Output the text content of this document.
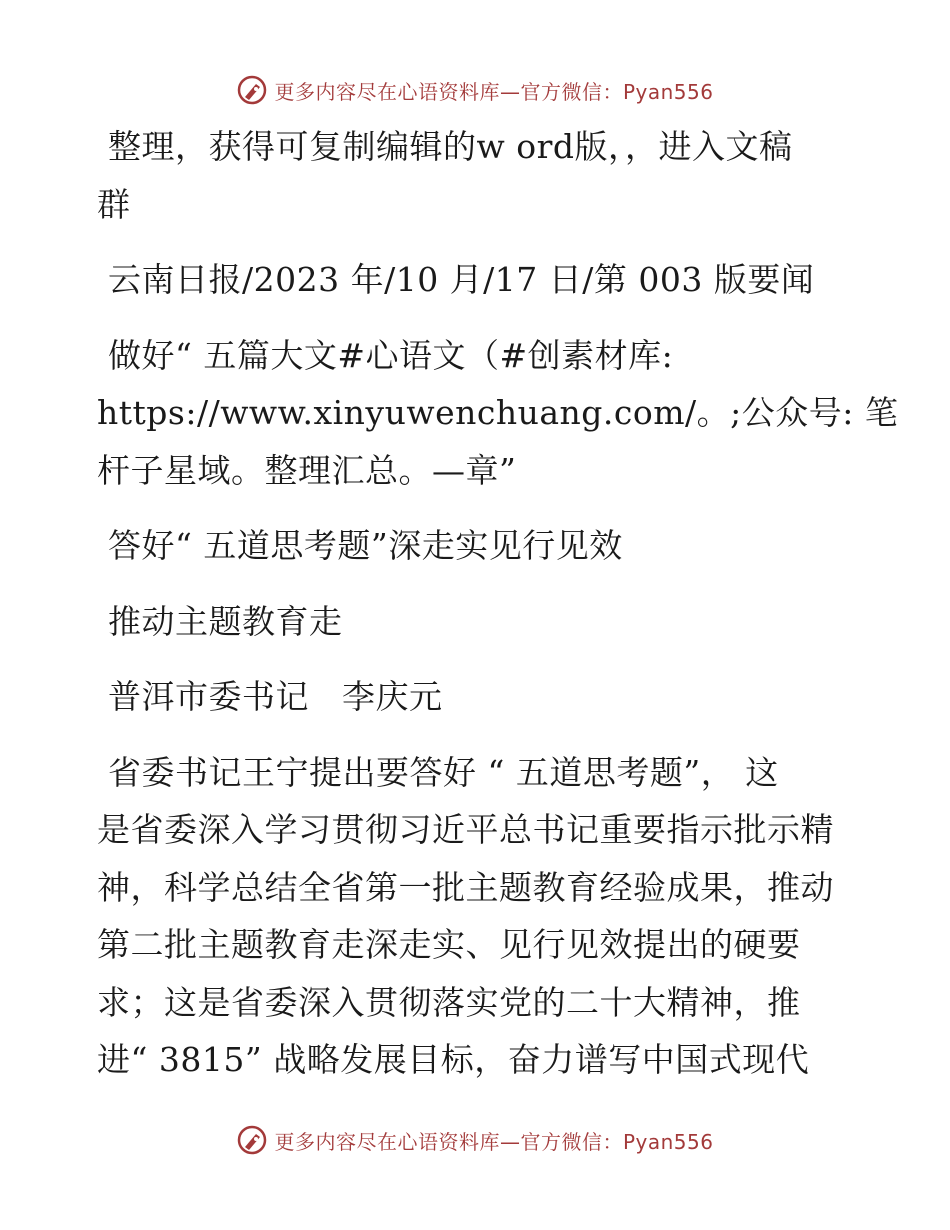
更多内容尽在心语资料库—官方微信：Pyan556
整理，获得可复制编辑的w ord版，，进入文稿
群
云南日报/2023 年/10 月/17 日/第 003 版要闻
做好“ 五篇大文#心语文（#创素材库:
https://www.xinyuwenchuang.com/。;公众号: 笔
杆子星域。整理汇总。—章”
答好“ 五道思考题”深走实见行见效
推动主题教育走
普洱市委书记   李庆元
省委书记王宁提出要答好 “ 五道思考题”， 这
是省委深入学习贯彻习近平总书记重要指示批示精
神，科学总结全省第一批主题教育经验成果，推动
第二批主题教育走深走实、见行见效提出的硬要
求；这是省委深入贯彻落实党的二十大精神，推
进“ 3815” 战略发展目标，奋力谱写中国式现代
更多内容尽在心语资料库—官方微信：Pyan556
